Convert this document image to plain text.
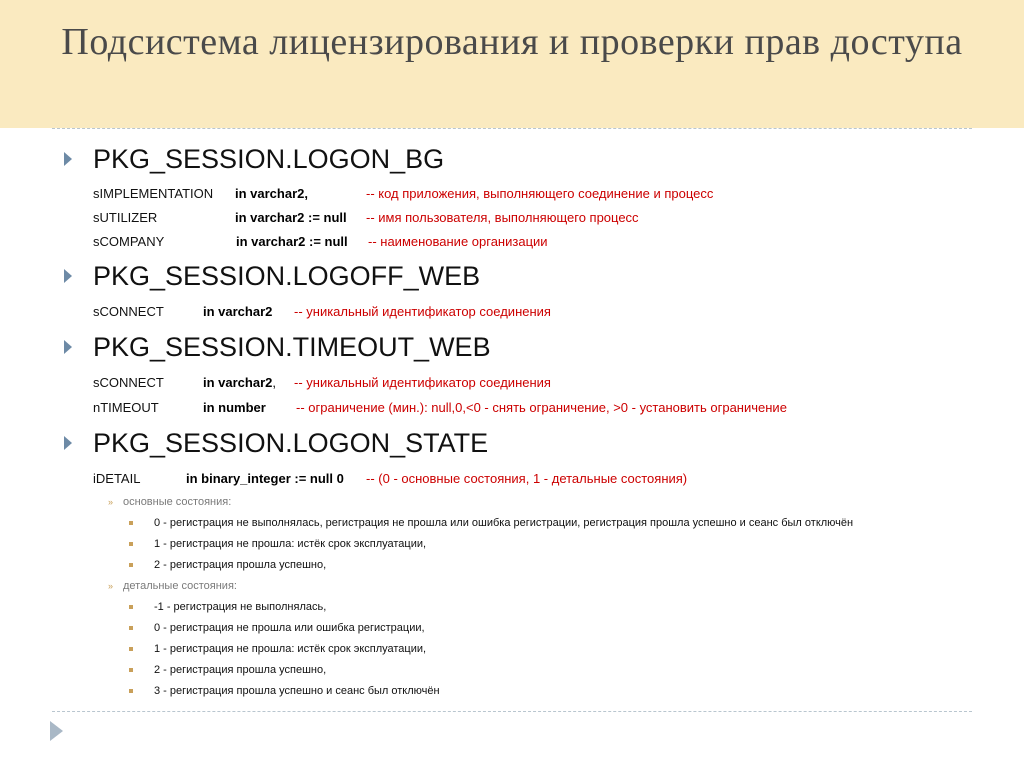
Подсистема лицензирования и проверки прав доступа
PKG_SESSION.LOGON_BG
sIMPLEMENTATION in varchar2,	-- код приложения, выполняющего соединение и процесс
sUTILIZER	in varchar2 := null -- имя пользователя, выполняющего процесс
sCOMPANY	in varchar2 := null -- наименование организации
PKG_SESSION.LOGOFF_WEB
sCONNECT	in varchar2 -- уникальный идентификатор соединения
PKG_SESSION.TIMEOUT_WEB
sCONNECT	in varchar2, -- уникальный идентификатор соединения
nTIMEOUT	in number -- ограничение (мин.): null,0,<0 - снять ограничение, >0 - установить ограничение
PKG_SESSION.LOGON_STATE
iDETAIL	in binary_integer := null 0 -- (0 - основные состояния, 1 - детальные состояния)
» основные состояния:
0 - регистрация не выполнялась, регистрация не прошла или ошибка регистрации, регистрация прошла успешно и сеанс был отключён
1 - регистрация не прошла: истёк срок эксплуатации,
2 - регистрация прошла успешно,
» детальные состояния:
-1 - регистрация не выполнялась,
0 - регистрация не прошла или ошибка регистрации,
1 - регистрация не прошла: истёк срок эксплуатации,
2 - регистрация прошла успешно,
3 - регистрация прошла успешно и сеанс был отключён
